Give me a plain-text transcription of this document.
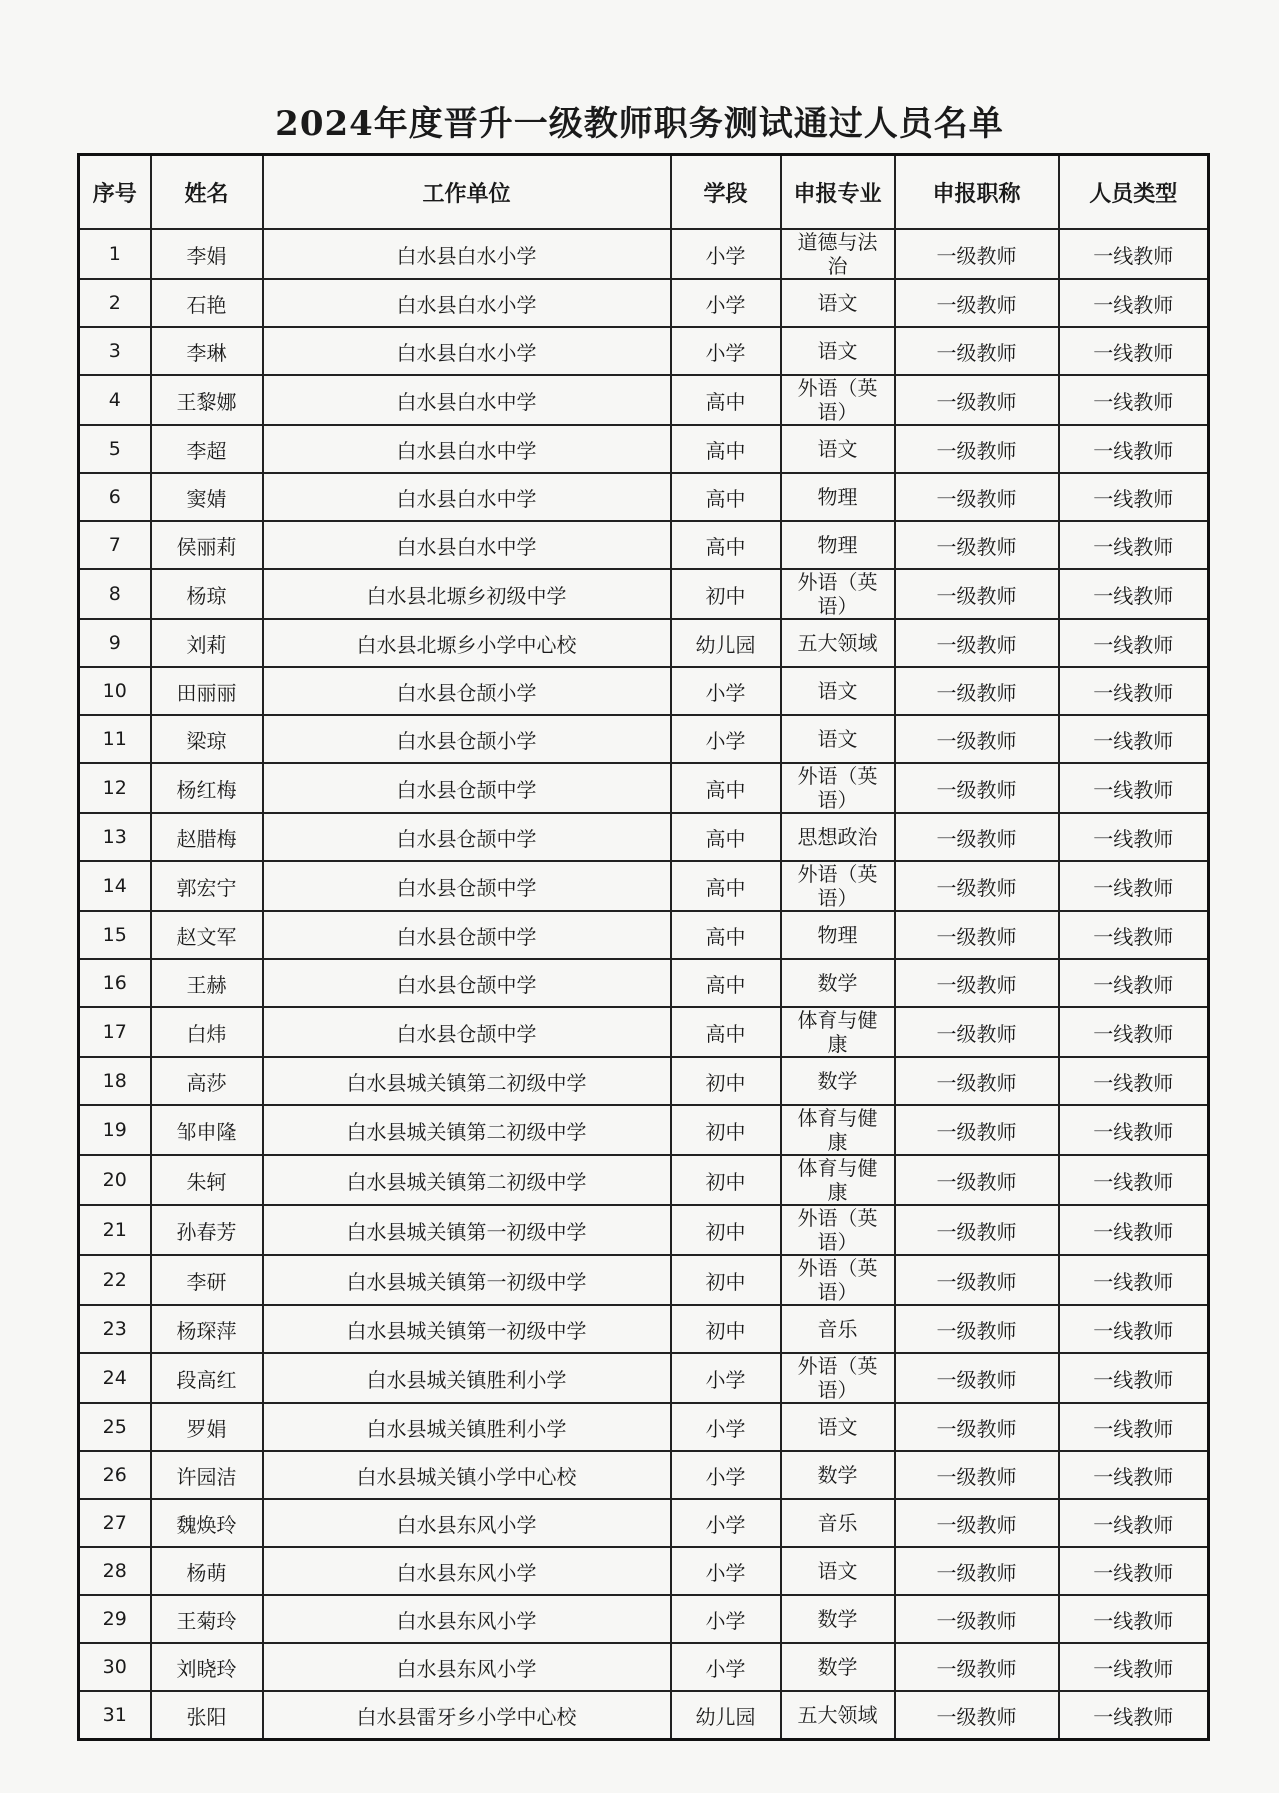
2024年度晋升一级教师职务测试通过人员名单
序号	姓名	工作单位	学段	申报专业	申报职称	人员类型
1	李娟	白水县白水小学	小学	道德与法治	一级教师	一线教师
2	石艳	白水县白水小学	小学	语文	一级教师	一线教师
3	李琳	白水县白水小学	小学	语文	一级教师	一线教师
4	王黎娜	白水县白水中学	高中	外语（英语）	一级教师	一线教师
5	李超	白水县白水中学	高中	语文	一级教师	一线教师
6	窦婧	白水县白水中学	高中	物理	一级教师	一线教师
7	侯丽莉	白水县白水中学	高中	物理	一级教师	一线教师
8	杨琼	白水县北塬乡初级中学	初中	外语（英语）	一级教师	一线教师
9	刘莉	白水县北塬乡小学中心校	幼儿园	五大领域	一级教师	一线教师
10	田丽丽	白水县仓颉小学	小学	语文	一级教师	一线教师
11	梁琼	白水县仓颉小学	小学	语文	一级教师	一线教师
12	杨红梅	白水县仓颉中学	高中	外语（英语）	一级教师	一线教师
13	赵腊梅	白水县仓颉中学	高中	思想政治	一级教师	一线教师
14	郭宏宁	白水县仓颉中学	高中	外语（英语）	一级教师	一线教师
15	赵文军	白水县仓颉中学	高中	物理	一级教师	一线教师
16	王赫	白水县仓颉中学	高中	数学	一级教师	一线教师
17	白炜	白水县仓颉中学	高中	体育与健康	一级教师	一线教师
18	高莎	白水县城关镇第二初级中学	初中	数学	一级教师	一线教师
19	邹申隆	白水县城关镇第二初级中学	初中	体育与健康	一级教师	一线教师
20	朱轲	白水县城关镇第二初级中学	初中	体育与健康	一级教师	一线教师
21	孙春芳	白水县城关镇第一初级中学	初中	外语（英语）	一级教师	一线教师
22	李研	白水县城关镇第一初级中学	初中	外语（英语）	一级教师	一线教师
23	杨琛萍	白水县城关镇第一初级中学	初中	音乐	一级教师	一线教师
24	段高红	白水县城关镇胜利小学	小学	外语（英语）	一级教师	一线教师
25	罗娟	白水县城关镇胜利小学	小学	语文	一级教师	一线教师
26	许园洁	白水县城关镇小学中心校	小学	数学	一级教师	一线教师
27	魏焕玲	白水县东风小学	小学	音乐	一级教师	一线教师
28	杨萌	白水县东风小学	小学	语文	一级教师	一线教师
29	王菊玲	白水县东风小学	小学	数学	一级教师	一线教师
30	刘晓玲	白水县东风小学	小学	数学	一级教师	一线教师
31	张阳	白水县雷牙乡小学中心校	幼儿园	五大领域	一级教师	一线教师
